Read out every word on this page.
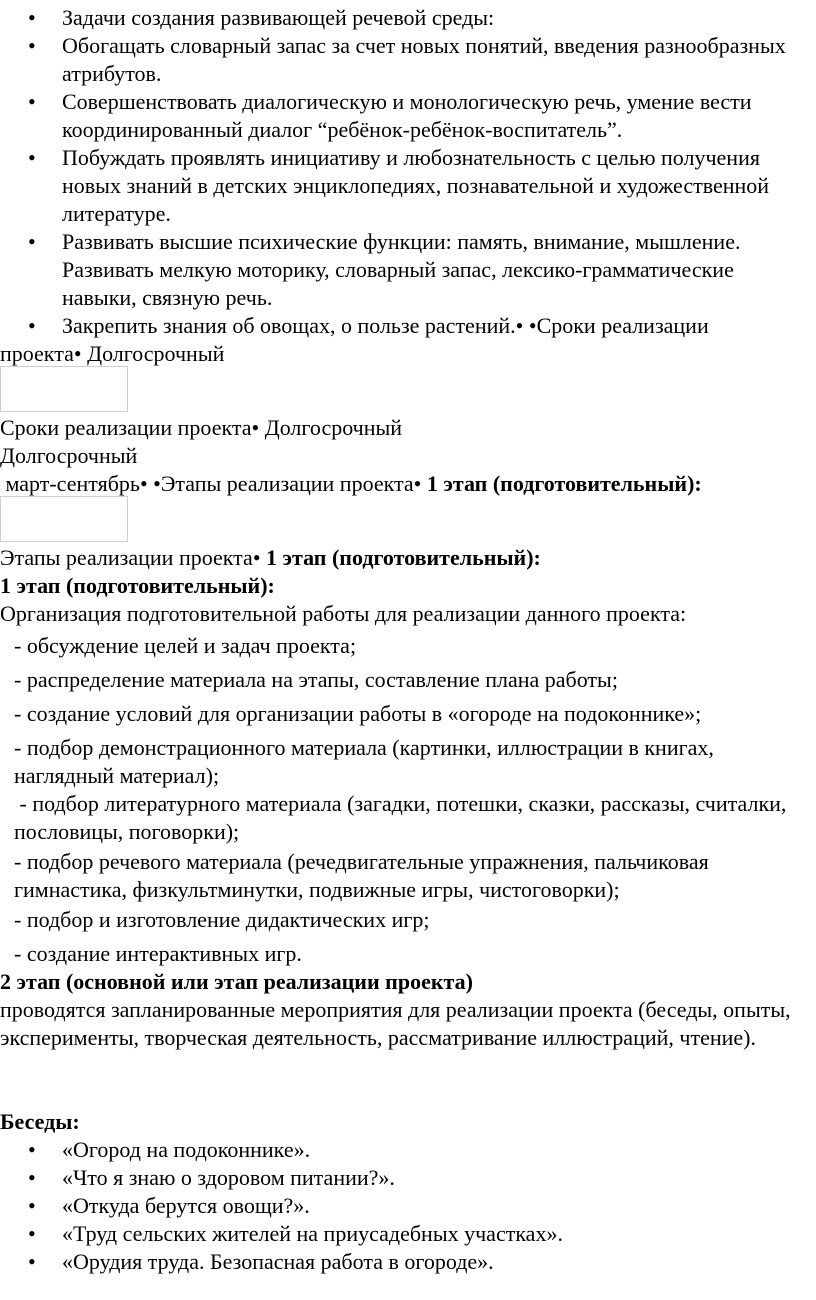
• Задачи создания развивающей речевой среды:
• Обогащать словарный запас за счет новых понятий, введения разнообразных атрибутов.
• Совершенствовать диалогическую и монологическую речь, умение вести координированный диалог “ребёнок-ребёнок-воспитатель”.
• Побуждать проявлять инициативу и любознательность с целью получения новых знаний в детских энциклопедиях, познавательной и художественной литературе.
• Развивать высшие психические функции: память, внимание, мышление. Развивать мелкую моторику, словарный запас, лексико-грамматические навыки, связную речь.
• Закрепить знания об овощах, о пользе растений.• •Сроки реализации
проекта• Долгосрочный
Сроки реализации проекта• Долгосрочный
Долгосрочный
март-сентябрь• •Этапы реализации проекта• 1 этап (подготовительный):
Этапы реализации проекта• 1 этап (подготовительный):
1 этап (подготовительный):
Организация подготовительной работы для реализации данного проекта:
- обсуждение целей и задач проекта;
- распределение материала на этапы, составление плана работы;
- создание условий для организации работы в «огороде на подоконнике»;
- подбор демонстрационного материала (картинки, иллюстрации в книгах, наглядный материал);
- подбор литературного материала (загадки, потешки, сказки, рассказы, считалки, пословицы, поговорки);
- подбор речевого материала (речедвигательные упражнения, пальчиковая гимнастика, физкультминутки, подвижные игры, чистоговорки);
- подбор и изготовление дидактических игр;
- создание интерактивных игр.
2 этап (основной или этап реализации проекта)
проводятся запланированные мероприятия для реализации проекта (беседы, опыты, эксперименты, творческая деятельность, рассматривание иллюстраций, чтение).
Беседы:
• «Огород на подоконнике».
• «Что я знаю о здоровом питании?».
• «Откуда берутся овощи?».
• «Труд сельских жителей на приусадебных участках».
• «Орудия труда. Безопасная работа в огороде».
